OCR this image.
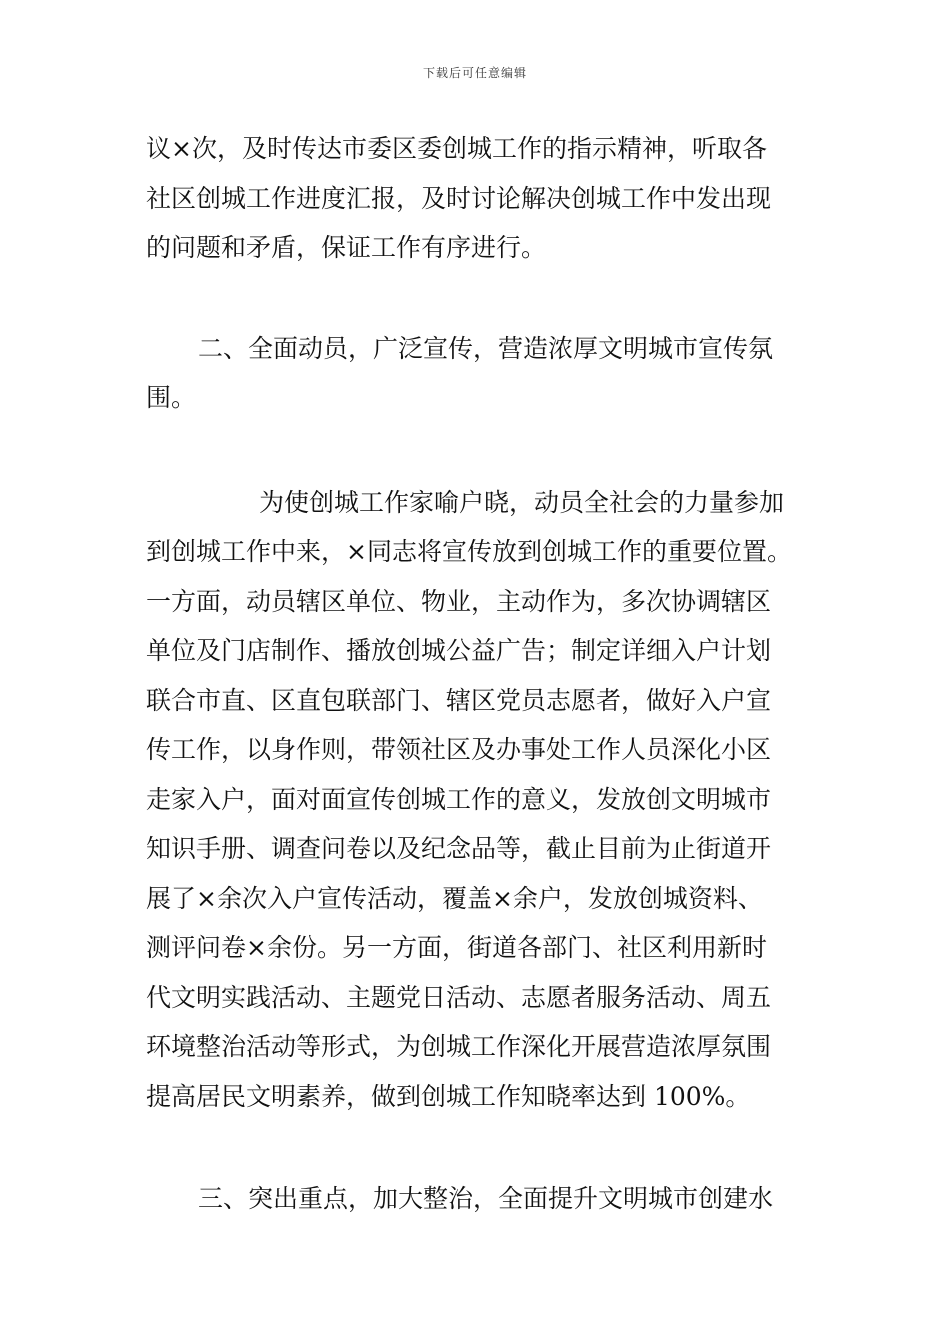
下载后可任意编辑
议×次，及时传达市委区委创城工作的指示精神，听取各
社区创城工作进度汇报，及时讨论解决创城工作中发出现
的问题和矛盾，保证工作有序进行。
二、全面动员，广泛宣传，营造浓厚文明城市宣传氛
围。
为使创城工作家喻户晓，动员全社会的力量参加
到创城工作中来，×同志将宣传放到创城工作的重要位置。
一方面，动员辖区单位、物业，主动作为，多次协调辖区
单位及门店制作、播放创城公益广告；制定详细入户计划
联合市直、区直包联部门、辖区党员志愿者，做好入户宣
传工作，以身作则，带领社区及办事处工作人员深化小区
走家入户，面对面宣传创城工作的意义，发放创文明城市
知识手册、调查问卷以及纪念品等，截止目前为止街道开
展了×余次入户宣传活动，覆盖×余户，发放创城资料、
测评问卷×余份。另一方面，街道各部门、社区利用新时
代文明实践活动、主题党日活动、志愿者服务活动、周五
环境整治活动等形式，为创城工作深化开展营造浓厚氛围
提高居民文明素养，做到创城工作知晓率达到 100%。
三、突出重点，加大整治，全面提升文明城市创建水
